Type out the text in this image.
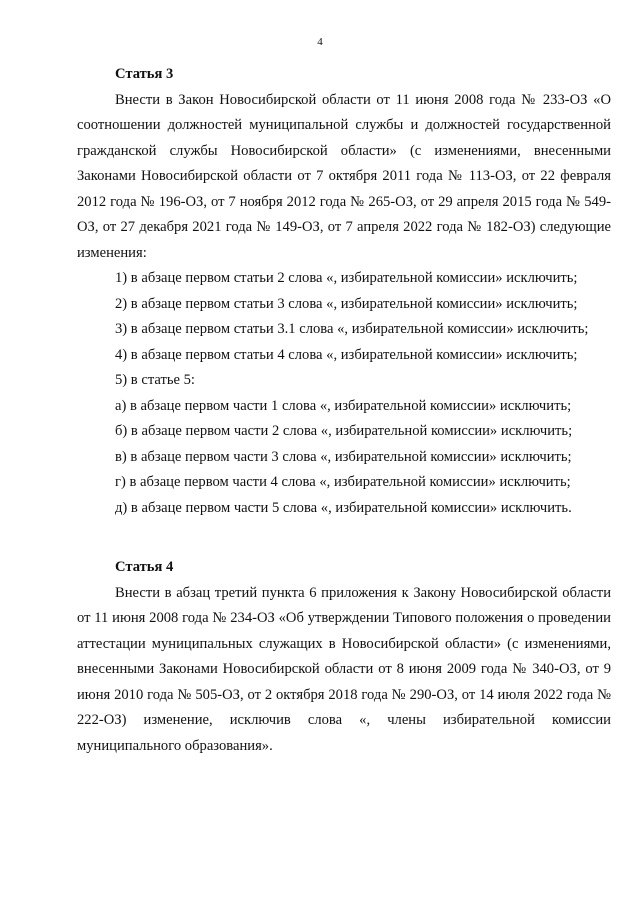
4

Статья 3

Внести в Закон Новосибирской области от 11 июня 2008 года № 233-ОЗ «О соотношении должностей муниципальной службы и должностей государственной гражданской службы Новосибирской области» (с изменениями, внесенными Законами Новосибирской области от 7 октября 2011 года № 113-ОЗ, от 22 февраля 2012 года № 196-ОЗ, от 7 ноября 2012 года № 265-ОЗ, от 29 апреля 2015 года № 549-ОЗ, от 27 декабря 2021 года № 149-ОЗ, от 7 апреля 2022 года № 182-ОЗ) следующие изменения:

1) в абзаце первом статьи 2 слова «, избирательной комиссии» исключить;

2) в абзаце первом статьи 3 слова «, избирательной комиссии» исключить;

3) в абзаце первом статьи 3.1 слова «, избирательной комиссии» исключить;

4) в абзаце первом статьи 4 слова «, избирательной комиссии» исключить;

5) в статье 5:

а) в абзаце первом части 1 слова «, избирательной комиссии» исключить;

б) в абзаце первом части 2 слова «, избирательной комиссии» исключить;

в) в абзаце первом части 3 слова «, избирательной комиссии» исключить;

г) в абзаце первом части 4 слова «, избирательной комиссии» исключить;

д) в абзаце первом части 5 слова «, избирательной комиссии» исключить.

Статья 4

Внести в абзац третий пункта 6 приложения к Закону Новосибирской области от 11 июня 2008 года № 234-ОЗ «Об утверждении Типового положения о проведении аттестации муниципальных служащих в Новосибирской области» (с изменениями, внесенными Законами Новосибирской области от 8 июня 2009 года № 340-ОЗ, от 9 июня 2010 года № 505-ОЗ, от 2 октября 2018 года № 290-ОЗ, от 14 июля 2022 года № 222-ОЗ) изменение, исключив слова «, члены избирательной комиссии муниципального образования».
